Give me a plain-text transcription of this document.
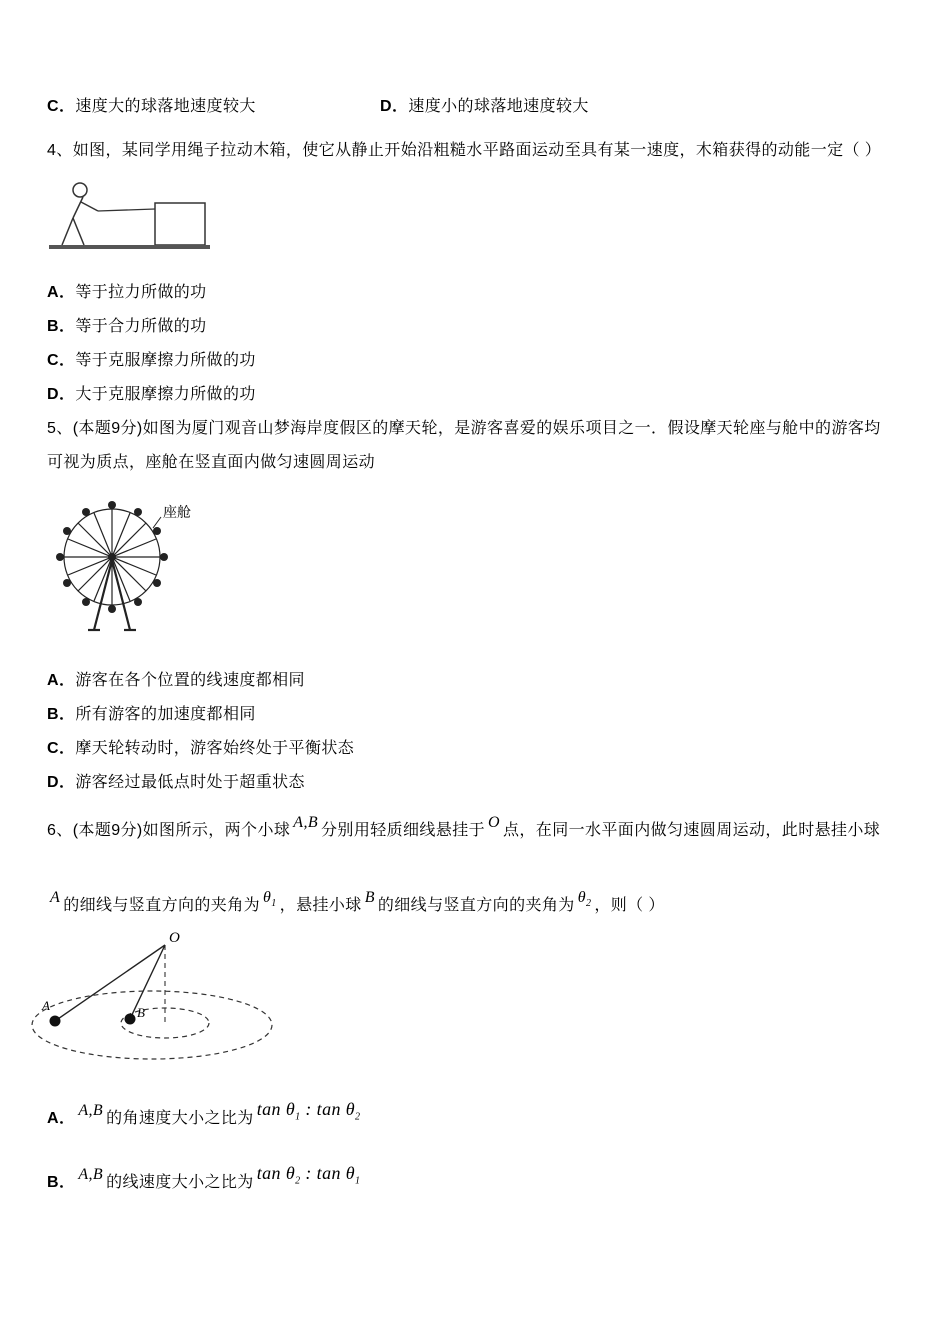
C．速度大的球落地速度较大	D．速度小的球落地速度较大
4、如图，某同学用绳子拉动木箱，使它从静止开始沿粗糙水平路面运动至具有某一速度，木箱获得的动能一定（ ）
A．等于拉力所做的功
B．等于合力所做的功
C．等于克服摩擦力所做的功
D．大于克服摩擦力所做的功
5、(本题9分)如图为厦门观音山梦海岸度假区的摩天轮，是游客喜爱的娱乐项目之一．假设摩天轮座与舱中的游客均
可视为质点，座舱在竖直面内做匀速圆周运动
座舱
A．游客在各个位置的线速度都相同
B．所有游客的加速度都相同
C．摩天轮转动时，游客始终处于平衡状态
D．游客经过最低点时处于超重状态
6、(本题9分)如图所示，两个小球 A,B 分别用轻质细线悬挂于 O 点，在同一水平面内做匀速圆周运动，此时悬挂小球
A 的细线与竖直方向的夹角为 $\theta_1$ ，悬挂小球 B 的细线与竖直方向的夹角为 $\theta_2$ ，则（ ）
O
A	B
A． A,B 的角速度大小之比为 $\tan \theta_1$ : $\tan \theta_2$
B． A,B 的线速度大小之比为 $\tan \theta_2$ : $\tan \theta_1$
